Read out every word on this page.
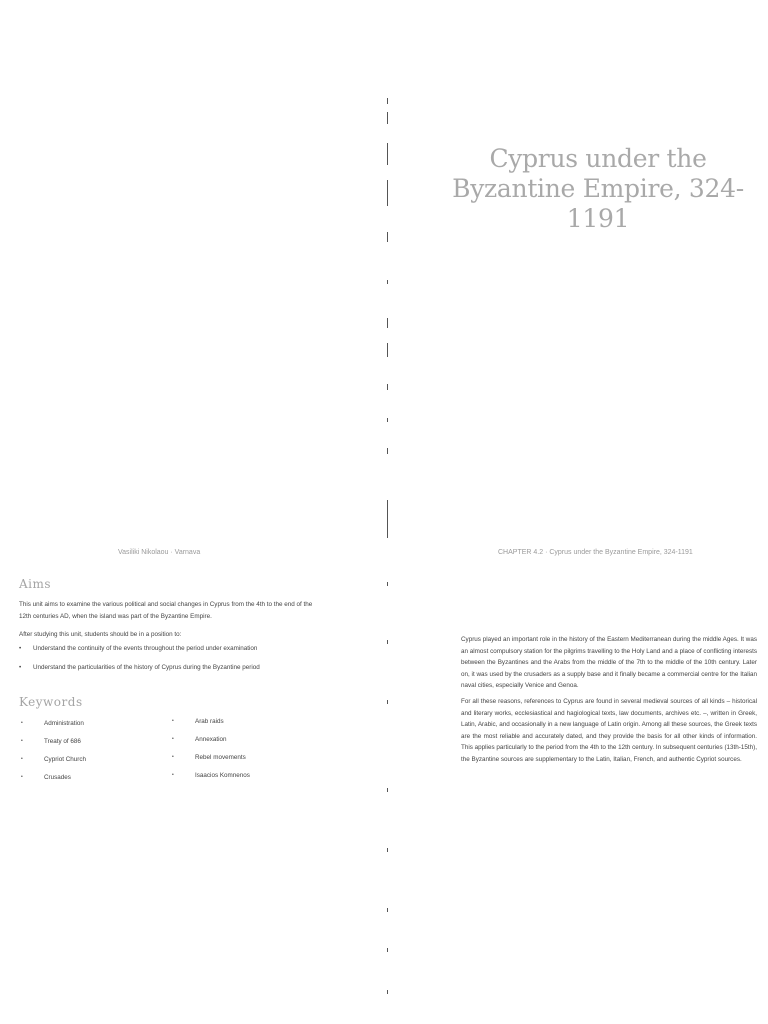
Cyprus under the Byzantine Empire, 324-1191
CHAPTER 4.2 · Cyprus under the Byzantine Empire, 324-1191
Cyprus played an important role in the history of the Eastern Mediterranean during the middle Ages. It was an almost compulsory station for the pilgrims travelling to the Holy Land and a place of conflicting interests between the Byzantines and the Arabs from the middle of the 7th to the middle of the 10th century. Later on, it was used by the crusaders as a supply base and it finally became a commercial centre for the Italian naval cities, especially Venice and Genoa.
For all these reasons, references to Cyprus are found in several medieval sources of all kinds – historical and literary works, ecclesiastical and hagiological texts, law documents, archives etc. –, written in Greek, Latin, Arabic, and occasionally in a new language of Latin origin. Among all these sources, the Greek texts are the most reliable and accurately dated, and they provide the basis for all other kinds of information. This applies particularly to the period from the 4th to the 12th century. In subsequent centuries (13th-15th), the Byzantine sources are supplementary to the Latin, Italian, French, and authentic Cypriot sources.
Vasiliki Nikolaou · Varnava
Aims
This unit aims to examine the various political and social changes in Cyprus from the 4th to the end of the 12th centuries AD, when the island was part of the Byzantine Empire.
After studying this unit, students should be in a position to:
• Understand the continuity of the events throughout the period under examination
• Understand the particularities of the history of Cyprus during the Byzantine period
Keywords
• Administration
• Treaty of 686
• Cypriot Church
• Crusades
• Arab raids
• Annexation
• Rebel movements
• Isaacios Komnenos
